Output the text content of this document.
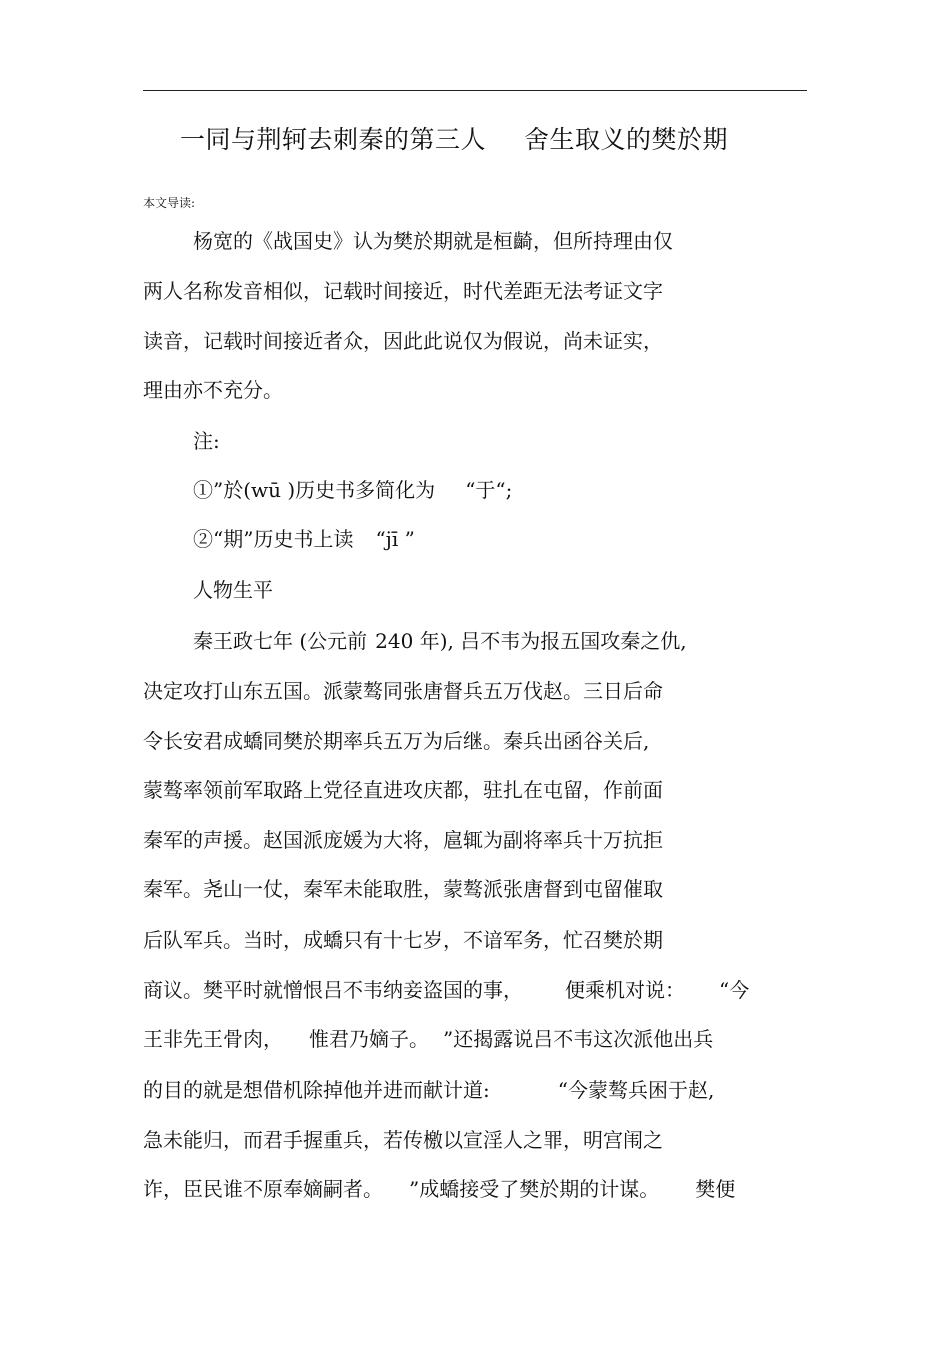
一同与荆轲去刺秦的第三人 舍生取义的樊於期
本文导读:
杨宽的《战国史》认为樊於期就是桓齮，但所持理由仅
两人名称发音相似，记载时间接近，时代差距无法考证文字
读音，记载时间接近者众，因此此说仅为假说，尚未证实，
理由亦不充分。
注:
①”於(wū )历史书多简化为 “于“;
②“期”历史书上读 “jī ”
人物生平
秦王政七年 (公元前 240 年), 吕不韦为报五国攻秦之仇,
决定攻打山东五国。派蒙骜同张唐督兵五万伐赵。三日后命
令长安君成蟜同樊於期率兵五万为后继。秦兵出函谷关后,
蒙骜率领前军取路上党径直进攻庆都，驻扎在屯留，作前面
秦军的声援。赵国派庞媛为大将，扈辄为副将率兵十万抗拒
秦军。尧山一仗，秦军未能取胜，蒙骜派张唐督到屯留催取
后队军兵。当时，成蟜只有十七岁，不谙军务，忙召樊於期
商议。樊平时就憎恨吕不韦纳妾盗国的事， 便乘机对说： “今
王非先王骨肉， 惟君乃嫡子。 ”还揭露说吕不韦这次派他出兵
的目的就是想借机除掉他并进而献计道:	“今蒙骜兵困于赵,
急未能归，而君手握重兵，若传檄以宣淫人之罪，明宫闱之
诈，臣民谁不原奉嫡嗣者。 ”成蟜接受了樊於期的计谋。 樊便
